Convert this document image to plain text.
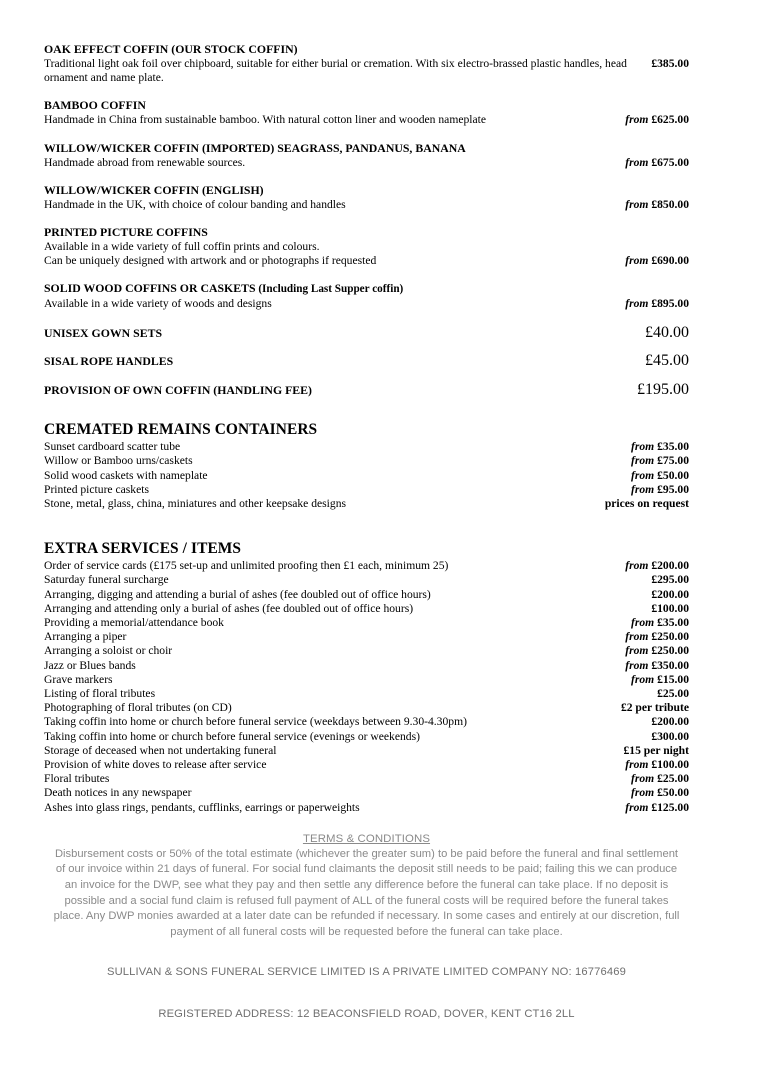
OAK EFFECT COFFIN (OUR STOCK COFFIN)
Traditional light oak foil over chipboard, suitable for either burial or cremation. With six electro-brassed plastic handles, head ornament and name plate.
£385.00
BAMBOO COFFIN
Handmade in China from sustainable bamboo. With natural cotton liner and wooden nameplate	from £625.00
WILLOW/WICKER COFFIN (IMPORTED) SEAGRASS, PANDANUS, BANANA
Handmade abroad from renewable sources.	from £675.00
WILLOW/WICKER COFFIN (ENGLISH)
Handmade in the UK, with choice of colour banding and handles	from £850.00
PRINTED PICTURE COFFINS
Available in a wide variety of full coffin prints and colours.
Can be uniquely designed with artwork and or photographs if requested	from £690.00
SOLID WOOD COFFINS OR CASKETS (Including Last Supper coffin)
Available in a wide variety of woods and designs	from £895.00
UNISEX GOWN SETS	£40.00
SISAL ROPE HANDLES	£45.00
PROVISION OF OWN COFFIN (HANDLING FEE)	£195.00
CREMATED REMAINS CONTAINERS
Sunset cardboard scatter tube	from £35.00
Willow or Bamboo urns/caskets	from £75.00
Solid wood caskets with nameplate	from £50.00
Printed picture caskets	from £95.00
Stone, metal, glass, china, miniatures and other keepsake designs	prices on request
EXTRA SERVICES / ITEMS
Order of service cards (£175 set-up and unlimited proofing then £1 each, minimum 25)	from £200.00
Saturday funeral surcharge	£295.00
Arranging, digging and attending a burial of ashes (fee doubled out of office hours)	£200.00
Arranging and attending only a burial of ashes (fee doubled out of office hours)	£100.00
Providing a memorial/attendance book	from £35.00
Arranging a piper	from £250.00
Arranging a soloist or choir	from £250.00
Jazz or Blues bands	from £350.00
Grave markers	from £15.00
Listing of floral tributes	£25.00
Photographing of floral tributes (on CD)	£2 per tribute
Taking coffin into home or church before funeral service (weekdays between 9.30-4.30pm)	£200.00
Taking coffin into home or church before funeral service (evenings or weekends)	£300.00
Storage of deceased when not undertaking funeral	£15 per night
Provision of white doves to release after service	from £100.00
Floral tributes	from £25.00
Death notices in any newspaper	from £50.00
Ashes into glass rings, pendants, cufflinks, earrings or paperweights	from £125.00
TERMS & CONDITIONS
Disbursement costs or 50% of the total estimate (whichever the greater sum) to be paid before the funeral and final settlement of our invoice within 21 days of funeral. For social fund claimants the deposit still needs to be paid; failing this we can produce an invoice for the DWP, see what they pay and then settle any difference before the funeral can take place. If no deposit is possible and a social fund claim is refused full payment of ALL of the funeral costs will be required before the funeral takes place. Any DWP monies awarded at a later date can be refunded if necessary. In some cases and entirely at our discretion, full payment of all funeral costs will be requested before the funeral can take place.
SULLIVAN & SONS FUNERAL SERVICE LIMITED IS A PRIVATE LIMITED COMPANY NO: 16776469
REGISTERED ADDRESS: 12 BEACONSFIELD ROAD, DOVER, KENT CT16 2LL
